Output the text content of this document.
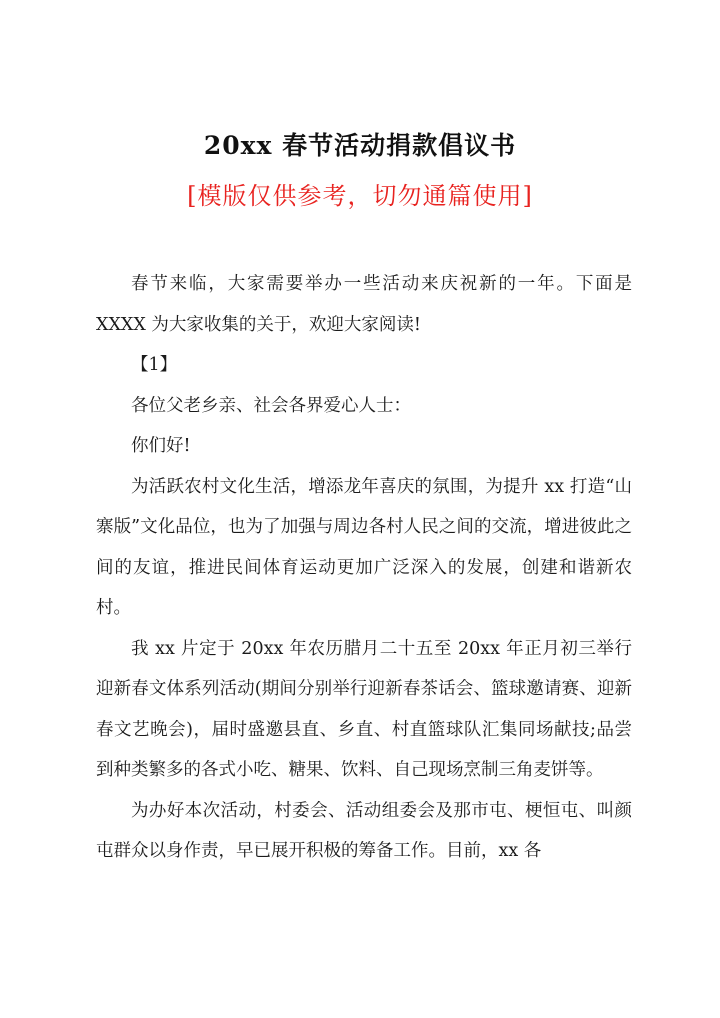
20xx 春节活动捐款倡议书
[模版仅供参考，切勿通篇使用]

春节来临，大家需要举办一些活动来庆祝新的一年。下面是 XXXX 为大家收集的关于，欢迎大家阅读!

【1】

各位父老乡亲、社会各界爱心人士：

你们好!

为活跃农村文化生活，增添龙年喜庆的氛围，为提升 xx 打造“山寨版”文化品位，也为了加强与周边各村人民之间的交流，增进彼此之间的友谊，推进民间体育运动更加广泛深入的发展，创建和谐新农村。

我 xx 片定于 20xx 年农历腊月二十五至 20xx 年正月初三举行迎新春文体系列活动(期间分别举行迎新春茶话会、篮球邀请赛、迎新春文艺晚会)，届时盛邀县直、乡直、村直篮球队汇集同场献技;品尝到种类繁多的各式小吃、糖果、饮料、自己现场烹制三角麦饼等。

为办好本次活动，村委会、活动组委会及那市屯、梗恒屯、叫颜屯群众以身作责，早已展开积极的筹备工作。目前，xx 各
